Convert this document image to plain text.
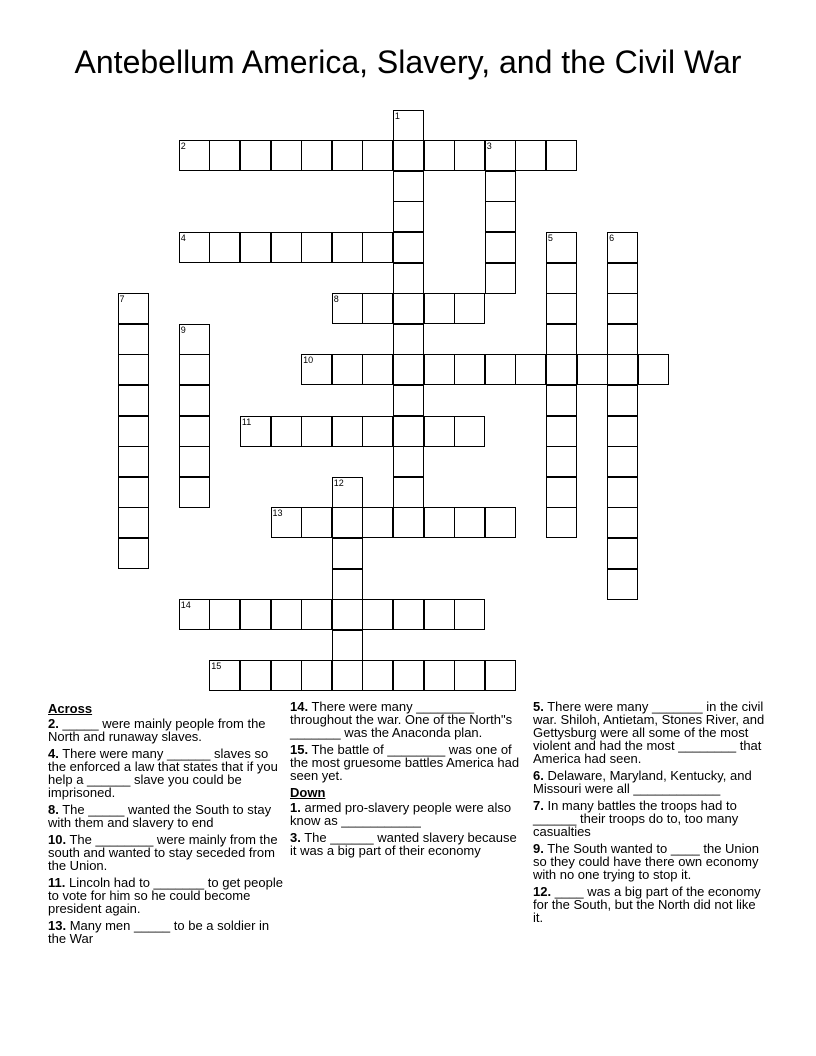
Antebellum America, Slavery, and the Civil War
2	3
4
8
10
11
13
14
15
1
5	6
7
9
12
Across
2. _____ were mainly people from the North and runaway slaves.
4. There were many ______ slaves so the enforced a law that states that if you help a ______ slave you could be imprisoned.
8. The _____ wanted the South to stay with them and slavery to end
10. The ________ were mainly from the south and wanted to stay seceded from the Union.
11. Lincoln had to _______ to get people to vote for him so he could become president again.
13. Many men _____ to be a soldier in the War
14. There were many ________ throughout the war. One of the North"s _______ was the Anaconda plan.
15. The battle of ________ was one of the most gruesome battles America had seen yet.
Down
1. armed pro-slavery people were also know as ___________
3. The ______ wanted slavery because it was a big part of their economy
5. There were many _______ in the civil war. Shiloh, Antietam, Stones River, and Gettysburg were all some of the most violent and had the most ________ that America had seen.
6. Delaware, Maryland, Kentucky, and Missouri were all ____________
7. In many battles the troops had to ______ their troops do to, too many casualties
9. The South wanted to ____ the Union so they could have there own economy with no one trying to stop it.
12. ____ was a big part of the economy for the South, but the North did not like it.
